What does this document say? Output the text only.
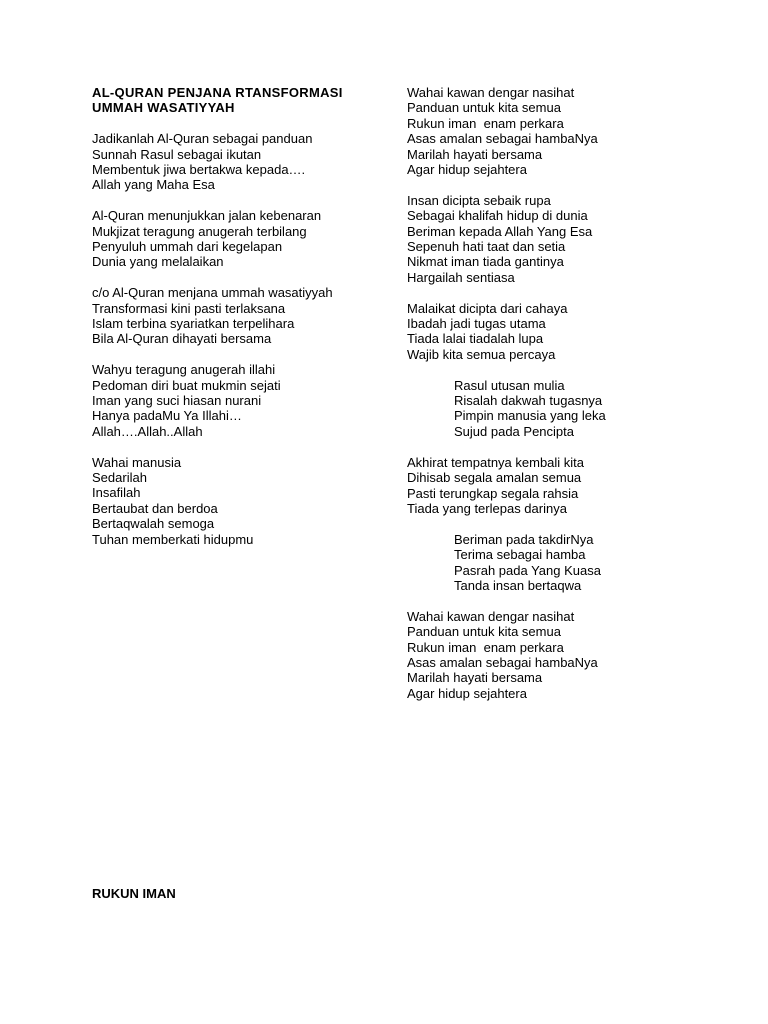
AL-QURAN PENJANA RTANSFORMASI
UMMAH WASATIYYAH
Jadikanlah Al-Quran sebagai panduan
Sunnah Rasul sebagai ikutan
Membentuk jiwa bertakwa kepada….
Allah yang Maha Esa
Al-Quran menunjukkan jalan kebenaran
Mukjizat teragung anugerah terbilang
Penyuluh ummah dari kegelapan
Dunia yang melalaikan
c/o Al-Quran menjana ummah wasatiyyah
Transformasi kini pasti terlaksana
Islam terbina syariatkan terpelihara
Bila Al-Quran dihayati bersama
Wahyu teragung anugerah illahi
Pedoman diri buat mukmin sejati
Iman yang suci hiasan nurani
Hanya padaMu Ya Illahi…
Allah….Allah..Allah
Wahai manusia
Sedarilah
Insafilah
Bertaubat dan berdoa
Bertaqwalah semoga
Tuhan memberkati hidupmu
Wahai kawan dengar nasihat
Panduan untuk kita semua
Rukun iman  enam perkara
Asas amalan sebagai hambaNya
Marilah hayati bersama
Agar hidup sejahtera
Insan dicipta sebaik rupa
Sebagai khalifah hidup di dunia
Beriman kepada Allah Yang Esa
Sepenuh hati taat dan setia
Nikmat iman tiada gantinya
Hargailah sentiasa
Malaikat dicipta dari cahaya
Ibadah jadi tugas utama
Tiada lalai tiadalah lupa
Wajib kita semua percaya
Rasul utusan mulia
Risalah dakwah tugasnya
Pimpin manusia yang leka
Sujud pada Pencipta
Akhirat tempatnya kembali kita
Dihisab segala amalan semua
Pasti terungkap segala rahsia
Tiada yang terlepas darinya
Beriman pada takdirNya
Terima sebagai hamba
Pasrah pada Yang Kuasa
Tanda insan bertaqwa
Wahai kawan dengar nasihat
Panduan untuk kita semua
Rukun iman  enam perkara
Asas amalan sebagai hambaNya
Marilah hayati bersama
Agar hidup sejahtera
RUKUN IMAN
